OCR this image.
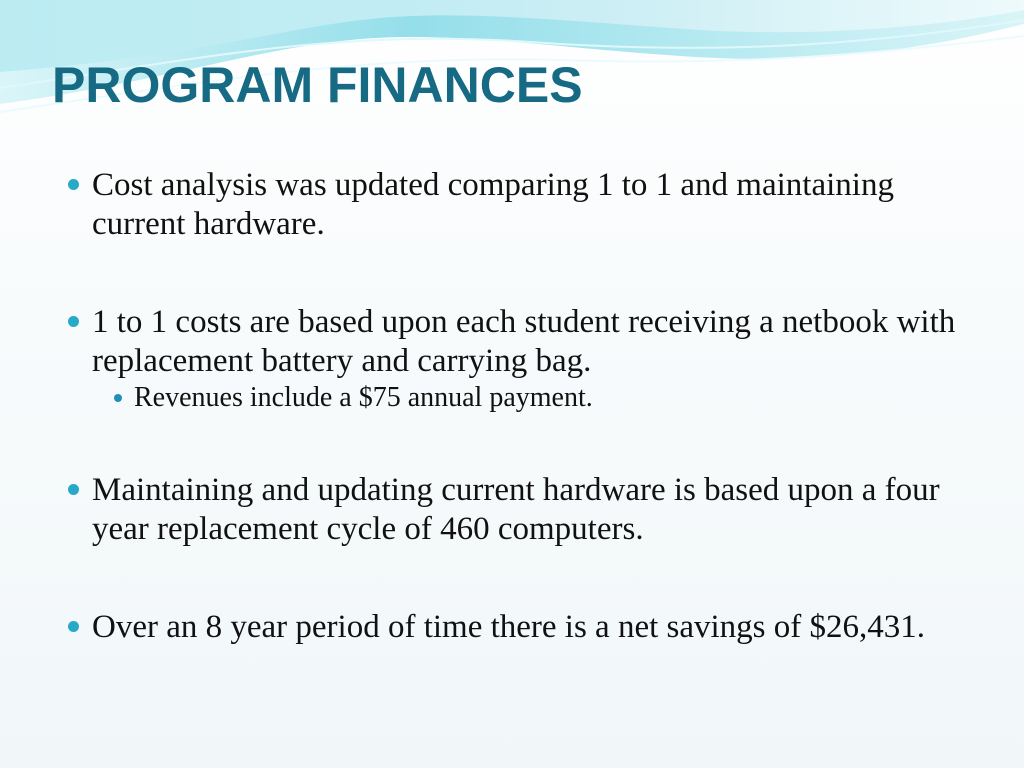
PROGRAM FINANCES
Cost analysis was updated comparing 1 to 1 and maintaining current hardware.
1 to 1 costs are based upon each student receiving a netbook with replacement battery and carrying bag.
Revenues include a $75 annual payment.
Maintaining and updating current hardware is based upon a four year replacement cycle of 460 computers.
Over an 8 year period of time there is a net savings of $26,431.
